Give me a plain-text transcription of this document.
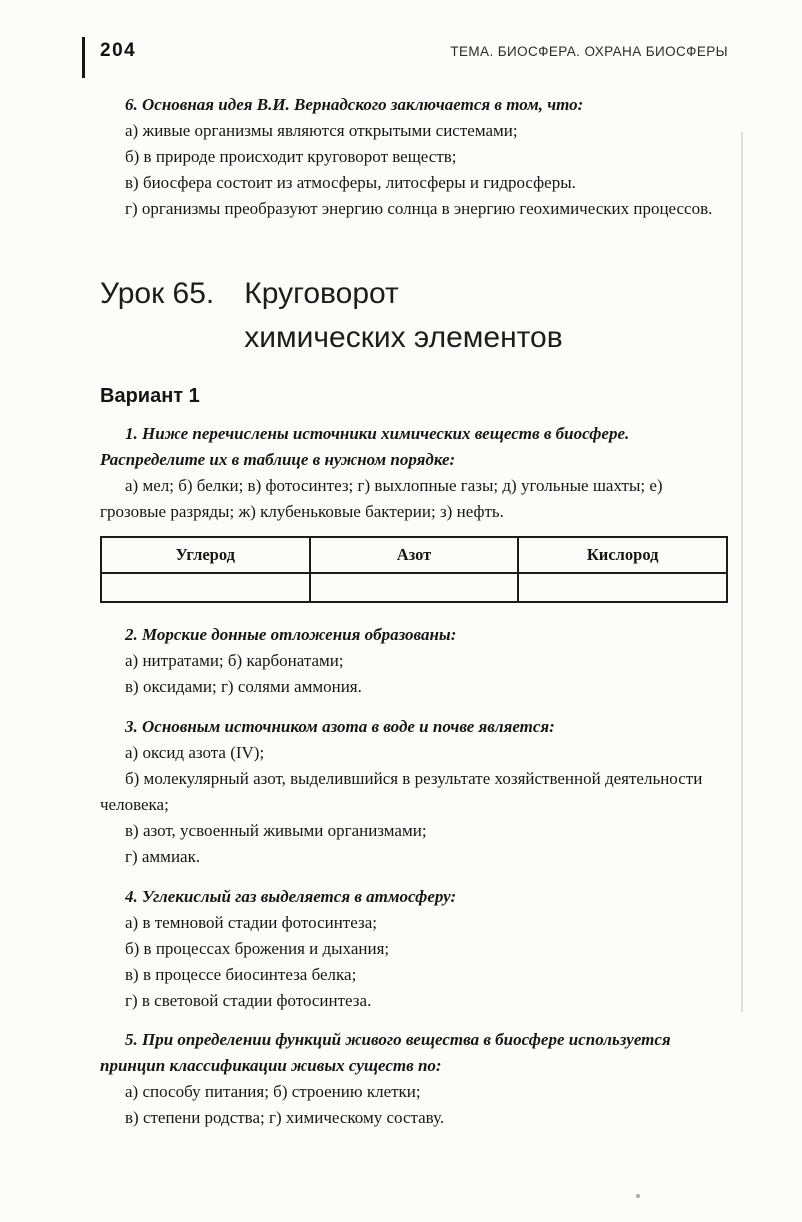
204	ТЕМА. БИОСФЕРА. ОХРАНА БИОСФЕРЫ

6. Основная идея В.И. Вернадского заключается в том, что:

а) живые организмы являются открытыми системами;

б) в природе происходит круговорот веществ;

в) биосфера состоит из атмосферы, литосферы и гидросферы.

г) организмы преобразуют энергию солнца в энергию геохимических процессов.

Урок 65. Круговорот
химических элементов
Вариант 1

1. Ниже перечислены источники химических веществ в биосфере. Распределите их в таблице в нужном порядке:

а) мел; б) белки; в) фотосинтез; г) выхлопные газы; д) угольные шахты; е) грозовые разряды; ж) клубеньковые бактерии; з) нефть.

Углерод	Азот	Кислород

2. Морские донные отложения образованы:

а) нитратами; б) карбонатами;

в) оксидами; г) солями аммония.

3. Основным источником азота в воде и почве является:

а) оксид азота (IV);

б) молекулярный азот, выделившийся в результате хозяйственной деятельности человека;

в) азот, усвоенный живыми организмами;

г) аммиак.

4. Углекислый газ выделяется в атмосферу:

а) в темновой стадии фотосинтеза;

б) в процессах брожения и дыхания;

в) в процессе биосинтеза белка;

г) в световой стадии фотосинтеза.

5. При определении функций живого вещества в биосфере используется принцип классификации живых существ по:

а) способу питания; б) строению клетки;

в) степени родства; г) химическому составу.
